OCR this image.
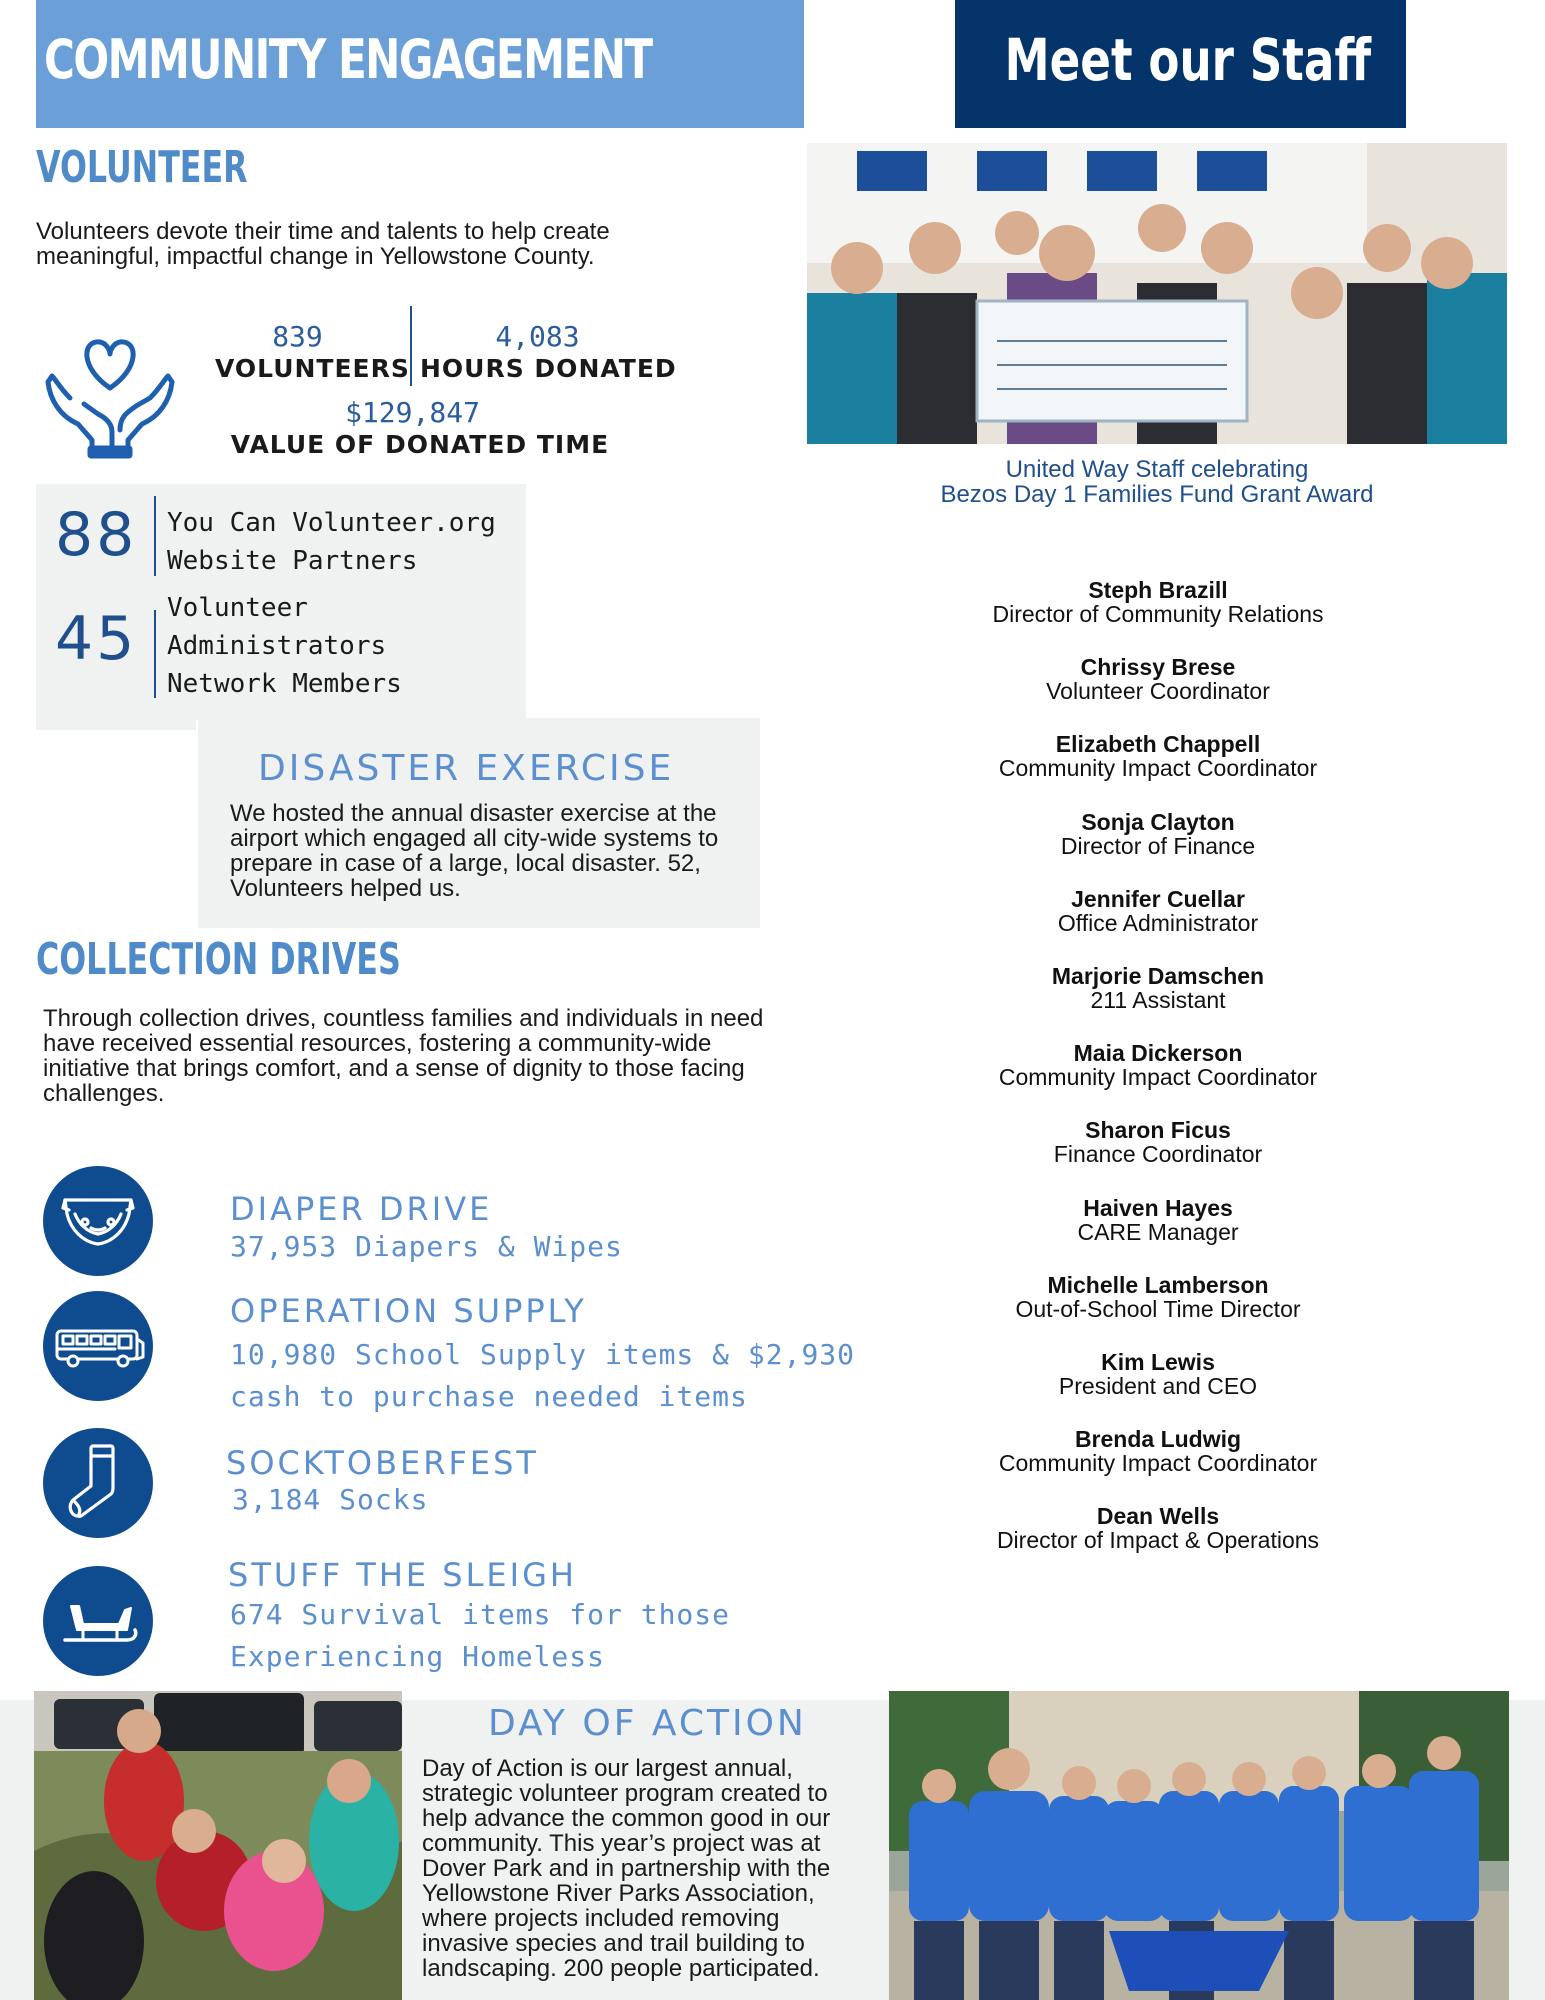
COMMUNITY ENGAGEMENT	Meet our Staff
VOLUNTEER
Volunteers devote their time and talents to help create meaningful, impactful change in Yellowstone County.
839
VOLUNTEERS
4,083
HOURS DONATED
$129,847
VALUE OF DONATED TIME
88 You Can Volunteer.org
Website Partners
45 Volunteer
Administrators
Network Members
DISASTER EXERCISE
We hosted the annual disaster exercise at the airport which engaged all city-wide systems to prepare in case of a large, local disaster. 52, Volunteers helped us.
COLLECTION DRIVES
Through collection drives, countless families and individuals in need have received essential resources, fostering a community-wide initiative that brings comfort, and a sense of dignity to those facing challenges.
DIAPER DRIVE
37,953 Diapers & Wipes
OPERATION SUPPLY
10,980 School Supply items & $2,930
cash to purchase needed items
SOCKTOBERFEST
3,184 Socks
STUFF THE SLEIGH
674 Survival items for those
Experiencing Homeless
DAY OF ACTION
Day of Action is our largest annual, strategic volunteer program created to help advance the common good in our community. This year’s project was at Dover Park and in partnership with the Yellowstone River Parks Association, where projects included removing invasive species and trail building to landscaping. 200 people participated.
United Way Staff celebrating
Bezos Day 1 Families Fund Grant Award
Steph Brazill
Director of Community Relations
Chrissy Brese
Volunteer Coordinator
Elizabeth Chappell
Community Impact Coordinator
Sonja Clayton
Director of Finance
Jennifer Cuellar
Office Administrator
Marjorie Damschen
211 Assistant
Maia Dickerson
Community Impact Coordinator
Sharon Ficus
Finance Coordinator
Haiven Hayes
CARE Manager
Michelle Lamberson
Out-of-School Time Director
Kim Lewis
President and CEO
Brenda Ludwig
Community Impact Coordinator
Dean Wells
Director of Impact & Operations
